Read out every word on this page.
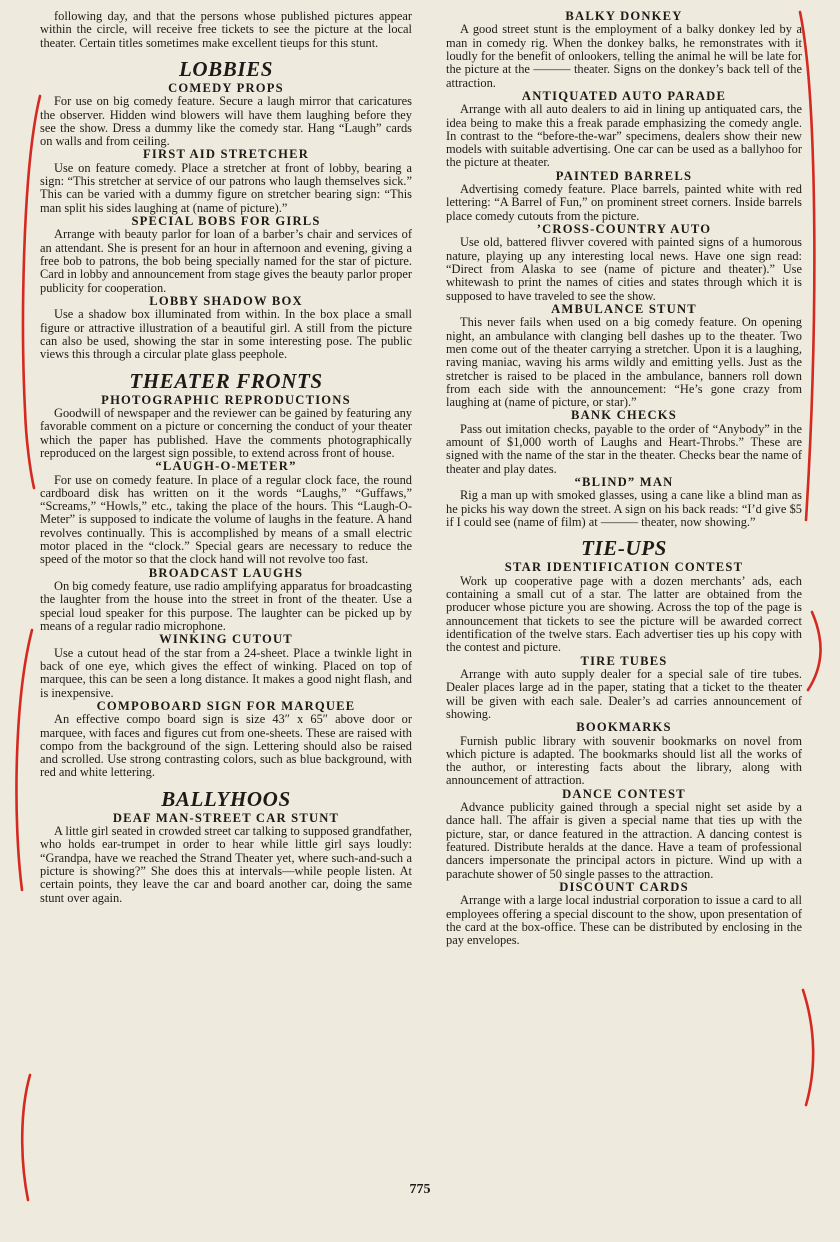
following day, and that the persons whose published pictures appear within the circle, will receive free tickets to see the picture at the local theater. Certain titles sometimes make excellent tieups for this stunt.

LOBBIES
COMEDY PROPS

For use on big comedy feature. Secure a laugh mirror that caricatures the observer. Hidden wind blowers will have them laughing before they see the show. Dress a dummy like the comedy star. Hang “Laugh” cards on walls and from ceiling.

FIRST AID STRETCHER

Use on feature comedy. Place a stretcher at front of lobby, bearing a sign: “This stretcher at service of our patrons who laugh themselves sick.” This can be varied with a dummy figure on stretcher bearing sign: “This man split his sides laughing at (name of picture).”

SPECIAL BOBS FOR GIRLS

Arrange with beauty parlor for loan of a barber’s chair and services of an attendant. She is present for an hour in afternoon and evening, giving a free bob to patrons, the bob being specially named for the star of picture. Card in lobby and announcement from stage gives the beauty parlor proper publicity for cooperation.

LOBBY SHADOW BOX

Use a shadow box illuminated from within. In the box place a small figure or attractive illustration of a beautiful girl. A still from the picture can also be used, showing the star in some interesting pose. The public views this through a circular plate glass peephole.

THEATER FRONTS
PHOTOGRAPHIC REPRODUCTIONS

Goodwill of newspaper and the reviewer can be gained by featuring any favorable comment on a picture or concerning the conduct of your theater which the paper has published. Have the comments photographically reproduced on the largest sign possible, to extend across front of house.

“LAUGH-O-METER”

For use on comedy feature. In place of a regular clock face, the round cardboard disk has written on it the words “Laughs,” “Guffaws,” “Screams,” “Howls,” etc., taking the place of the hours. This “Laugh-O-Meter” is supposed to indicate the volume of laughs in the feature. A hand revolves continually. This is accomplished by means of a small electric motor placed in the “clock.” Special gears are necessary to reduce the speed of the motor so that the clock hand will not revolve too fast.

BROADCAST LAUGHS

On big comedy feature, use radio amplifying apparatus for broadcasting the laughter from the house into the street in front of the theater. Use a special loud speaker for this purpose. The laughter can be picked up by means of a regular radio microphone.

WINKING CUTOUT

Use a cutout head of the star from a 24-sheet. Place a twinkle light in back of one eye, which gives the effect of winking. Placed on top of marquee, this can be seen a long distance. It makes a good night flash, and is inexpensive.

COMPOBOARD SIGN FOR MARQUEE

An effective compo board sign is size 43″ x 65″ above door or marquee, with faces and figures cut from one-sheets. These are raised with compo from the background of the sign. Lettering should also be raised and scrolled. Use strong contrasting colors, such as blue background, with red and white lettering.

BALLYHOOS
DEAF MAN-STREET CAR STUNT

A little girl seated in crowded street car talking to supposed grandfather, who holds ear-trumpet in order to hear while little girl says loudly: “Grandpa, have we reached the Strand Theater yet, where such-and-such a picture is showing?” She does this at intervals—while people listen. At certain points, they leave the car and board another car, doing the same stunt over again.

BALKY DONKEY

A good street stunt is the employment of a balky donkey led by a man in comedy rig. When the donkey balks, he remonstrates with it loudly for the benefit of onlookers, telling the animal he will be late for the picture at the ——— theater. Signs on the donkey’s back tell of the attraction.

ANTIQUATED AUTO PARADE

Arrange with all auto dealers to aid in lining up antiquated cars, the idea being to make this a freak parade emphasizing the comedy angle. In contrast to the “before-the-war” specimens, dealers show their new models with suitable advertising. One car can be used as a ballyhoo for the picture at theater.

PAINTED BARRELS

Advertising comedy feature. Place barrels, painted white with red lettering: “A Barrel of Fun,” on prominent street corners. Inside barrels place comedy cutouts from the picture.

’CROSS-COUNTRY AUTO

Use old, battered flivver covered with painted signs of a humorous nature, playing up any interesting local news. Have one sign read: “Direct from Alaska to see (name of picture and theater).” Use whitewash to print the names of cities and states through which it is supposed to have traveled to see the show.

AMBULANCE STUNT

This never fails when used on a big comedy feature. On opening night, an ambulance with clanging bell dashes up to the theater. Two men come out of the theater carrying a stretcher. Upon it is a laughing, raving maniac, waving his arms wildly and emitting yells. Just as the stretcher is raised to be placed in the ambulance, banners roll down from each side with the announcement: “He’s gone crazy from laughing at (name of picture, or star).”

BANK CHECKS

Pass out imitation checks, payable to the order of “Anybody” in the amount of $1,000 worth of Laughs and Heart-Throbs.” These are signed with the name of the star in the theater. Checks bear the name of theater and play dates.

“BLIND” MAN

Rig a man up with smoked glasses, using a cane like a blind man as he picks his way down the street. A sign on his back reads: “I’d give $5 if I could see (name of film) at ——— theater, now showing.”

TIE-UPS
STAR IDENTIFICATION CONTEST

Work up cooperative page with a dozen merchants’ ads, each containing a small cut of a star. The latter are obtained from the producer whose picture you are showing. Across the top of the page is announcement that tickets to see the picture will be awarded correct identification of the twelve stars. Each advertiser ties up his copy with the contest and picture.

TIRE TUBES

Arrange with auto supply dealer for a special sale of tire tubes. Dealer places large ad in the paper, stating that a ticket to the theater will be given with each sale. Dealer’s ad carries announcement of showing.

BOOKMARKS

Furnish public library with souvenir bookmarks on novel from which picture is adapted. The bookmarks should list all the works of the author, or interesting facts about the library, along with announcement of attraction.

DANCE CONTEST

Advance publicity gained through a special night set aside by a dance hall. The affair is given a special name that ties up with the picture, star, or dance featured in the attraction. A dancing contest is featured. Distribute heralds at the dance. Have a team of professional dancers impersonate the principal actors in picture. Wind up with a parachute shower of 50 single passes to the attraction.

DISCOUNT CARDS

Arrange with a large local industrial corporation to issue a card to all employees offering a special discount to the show, upon presentation of the card at the box-office. These can be distributed by enclosing in the pay envelopes.

775
